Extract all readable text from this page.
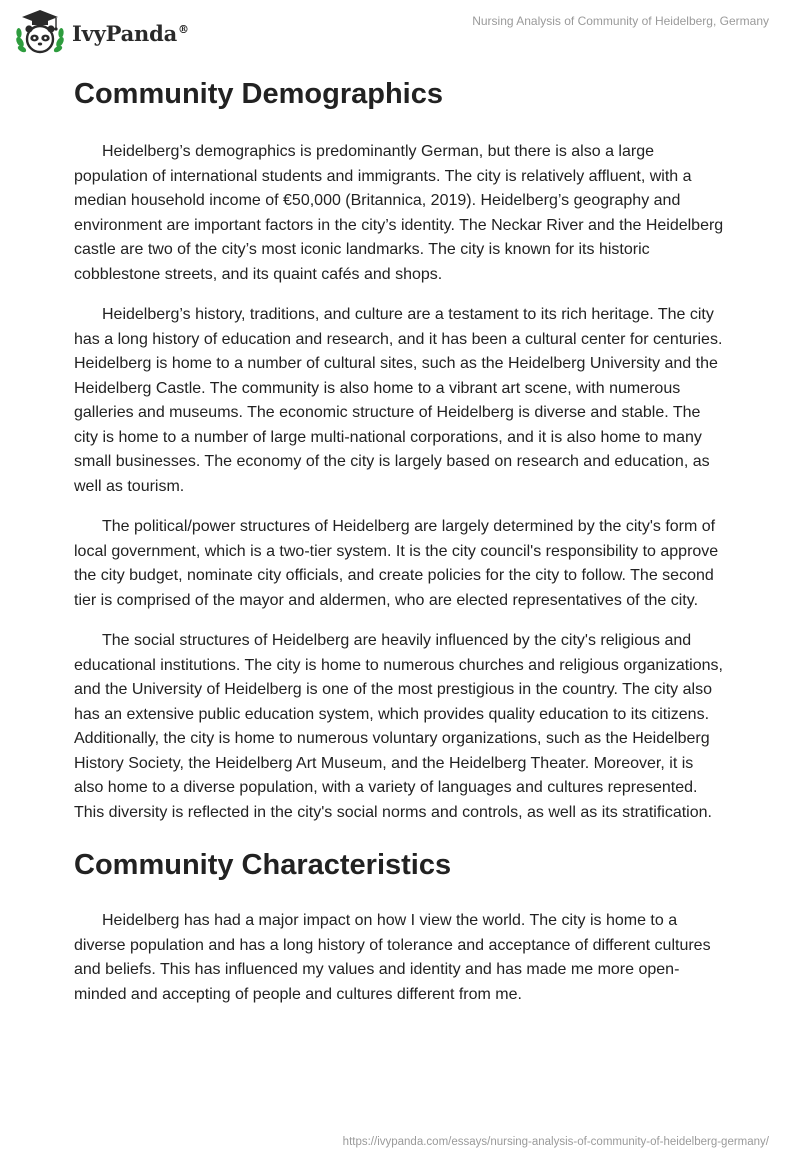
IvyPanda®
Nursing Analysis of Community of Heidelberg, Germany
Community Demographics

Heidelberg’s demographics is predominantly German, but there is also a large population of international students and immigrants. The city is relatively affluent, with a median household income of €50,000 (Britannica, 2019). Heidelberg’s geography and environment are important factors in the city’s identity. The Neckar River and the Heidelberg castle are two of the city’s most iconic landmarks. The city is known for its historic cobblestone streets, and its quaint cafés and shops.

Heidelberg’s history, traditions, and culture are a testament to its rich heritage. The city has a long history of education and research, and it has been a cultural center for centuries. Heidelberg is home to a number of cultural sites, such as the Heidelberg University and the Heidelberg Castle. The community is also home to a vibrant art scene, with numerous galleries and museums. The economic structure of Heidelberg is diverse and stable. The city is home to a number of large multi-national corporations, and it is also home to many small businesses. The economy of the city is largely based on research and education, as well as tourism.

The political/power structures of Heidelberg are largely determined by the city's form of local government, which is a two-tier system. It is the city council's responsibility to approve the city budget, nominate city officials, and create policies for the city to follow. The second tier is comprised of the mayor and aldermen, who are elected representatives of the city.

The social structures of Heidelberg are heavily influenced by the city's religious and educational institutions. The city is home to numerous churches and religious organizations, and the University of Heidelberg is one of the most prestigious in the country. The city also has an extensive public education system, which provides quality education to its citizens. Additionally, the city is home to numerous voluntary organizations, such as the Heidelberg History Society, the Heidelberg Art Museum, and the Heidelberg Theater. Moreover, it is also home to a diverse population, with a variety of languages and cultures represented. This diversity is reflected in the city's social norms and controls, as well as its stratification.

Community Characteristics

Heidelberg has had a major impact on how I view the world. The city is home to a diverse population and has a long history of tolerance and acceptance of different cultures and beliefs. This has influenced my values and identity and has made me more open-minded and accepting of people and cultures different from me.

https://ivypanda.com/essays/nursing-analysis-of-community-of-heidelberg-germany/
